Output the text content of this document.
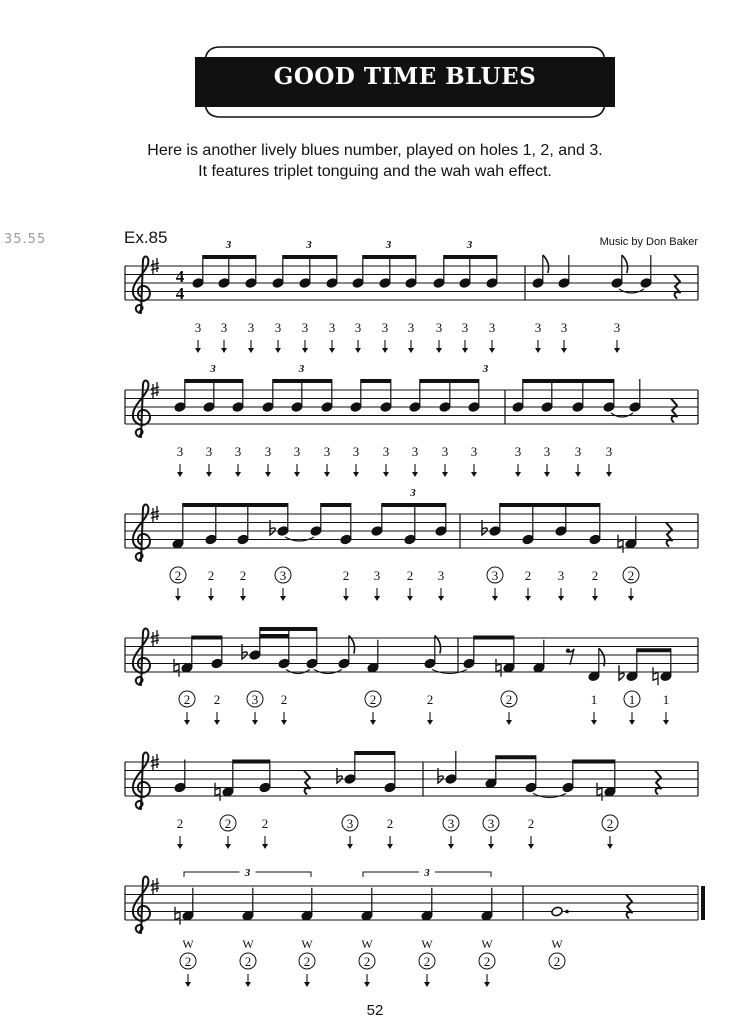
GOOD TIME BLUES
Here is another lively blues number, played on holes 1, 2, and 3.
It features triplet tonguing and the wah wah effect.
35.55	Ex.85	Music by Don Baker
4
4
3 3 3 3 3 3 3 3 3 3 3 3	3 3	3
3	3	3	3
3 3 3 3 3 3 3 3 3 3 3	3 3 3 3
3	3	3
2 2 2	3	2 3 2 3	3 2 3 2 2
3
2 2 3 2	2	2	2	1 1 1
2	2 2	3	2	3	3	2	2
W
2
W
2
W
2
W
2
W
2
W
2
W
2
3	3
52
